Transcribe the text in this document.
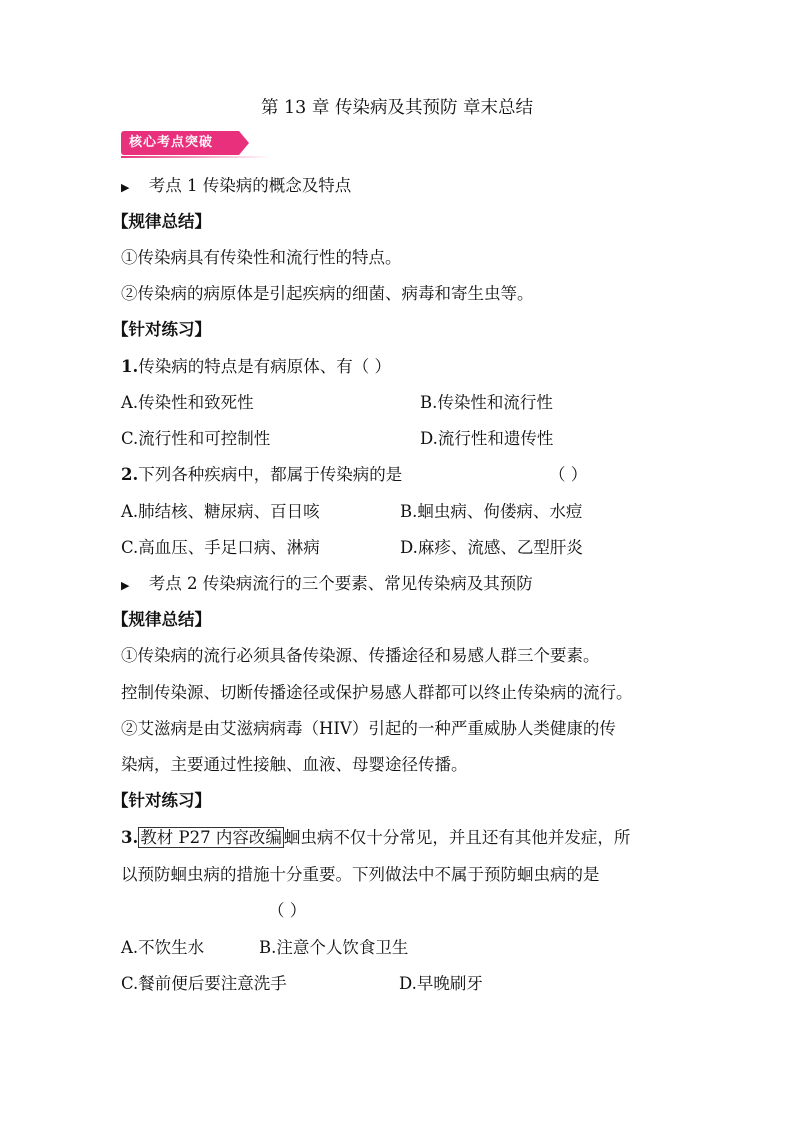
第 13 章 传染病及其预防 章末总结
核心考点突破
▶ 考点 1 传染病的概念及特点
【规律总结】
①传染病具有传染性和流行性的特点。
②传染病的病原体是引起疾病的细菌、病毒和寄生虫等。
【针对练习】
1.传染病的特点是有病原体、有（ ）
A.传染性和致死性	B.传染性和流行性
C.流行性和可控制性	D.流行性和遗传性
2.下列各种疾病中，都属于传染病的是	（ ）
A.肺结核、糖尿病、百日咳	B.蛔虫病、佝偻病、水痘
C.高血压、手足口病、淋病	D.麻疹、流感、乙型肝炎
▶ 考点 2 传染病流行的三个要素、常见传染病及其预防
【规律总结】
①传染病的流行必须具备传染源、传播途径和易感人群三个要素。
控制传染源、切断传播途径或保护易感人群都可以终止传染病的流行。
②艾滋病是由艾滋病病毒（HIV）引起的一种严重威胁人类健康的传
染病，主要通过性接触、血液、母婴途径传播。
【针对练习】
3. 教材 P27 内容改编 蛔虫病不仅十分常见，并且还有其他并发症，所
以预防蛔虫病的措施十分重要。下列做法中不属于预防蛔虫病的是
（ ）
A.不饮生水	B.注意个人饮食卫生
C.餐前便后要注意洗手	D.早晚刷牙
